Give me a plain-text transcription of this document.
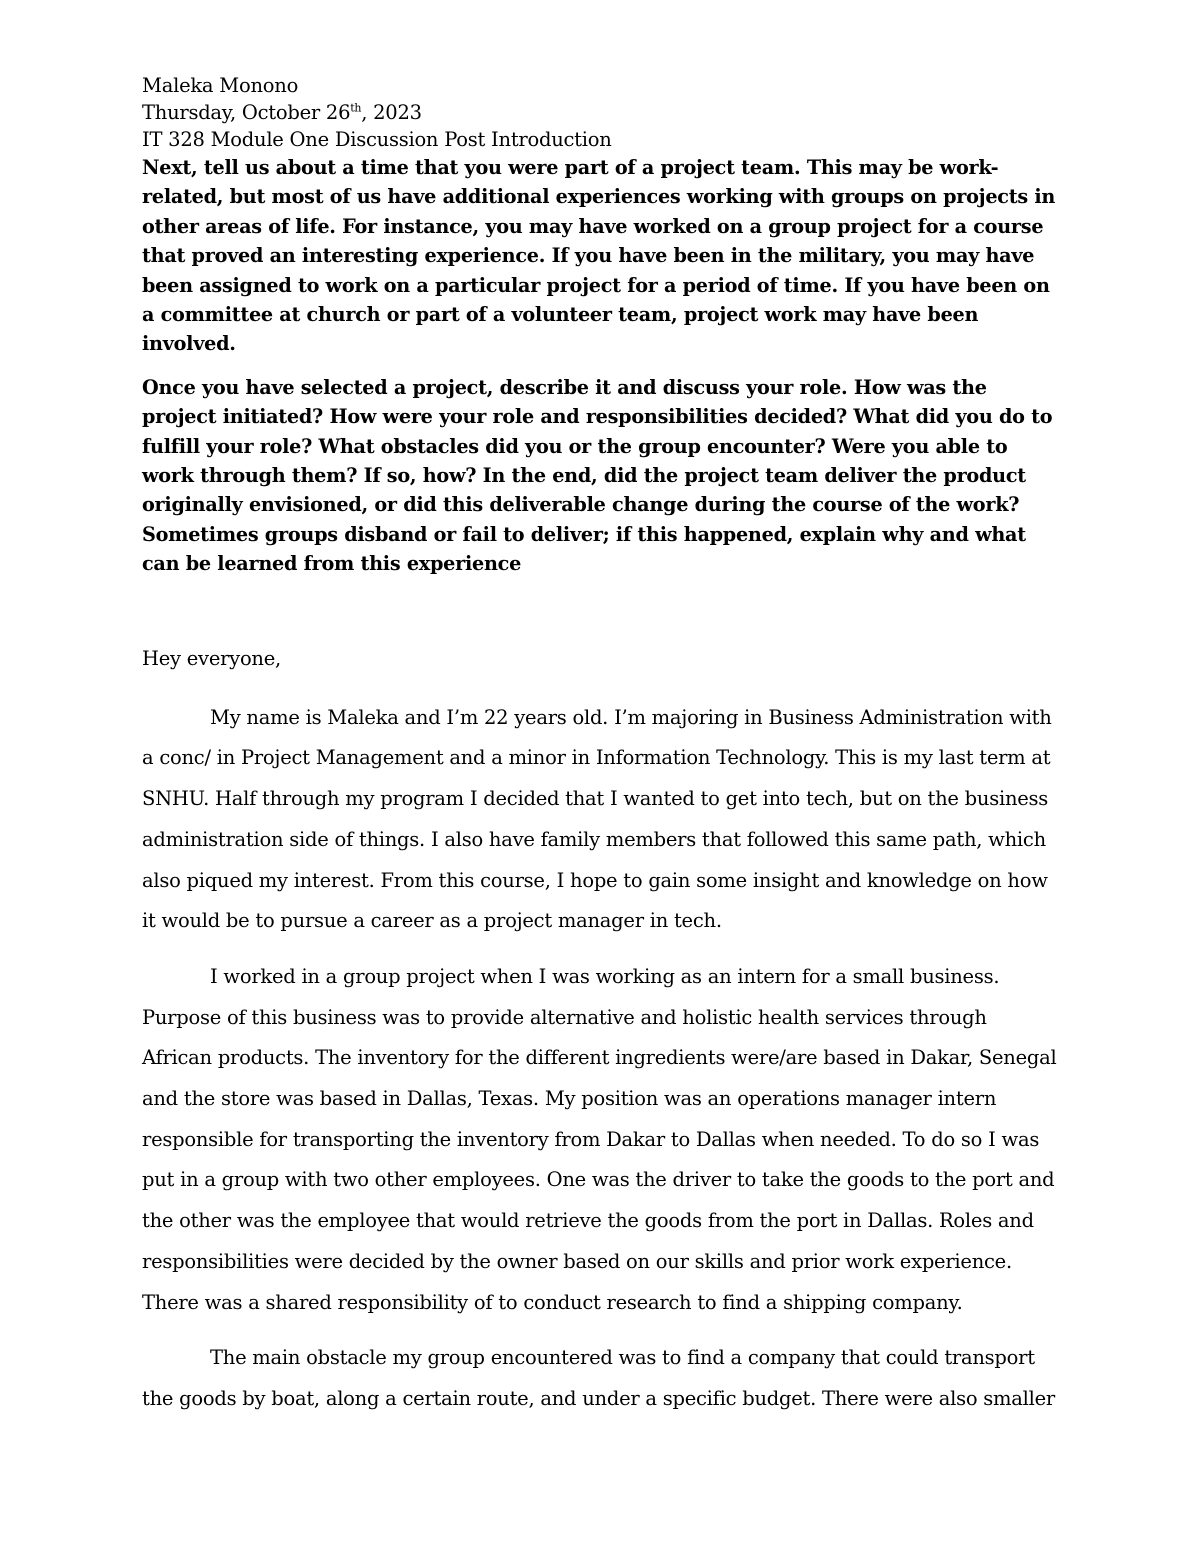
Maleka Monono
Thursday, October 26th, 2023
IT 328 Module One Discussion Post Introduction

Next, tell us about a time that you were part of a project team. This may be work-related, but most of us have additional experiences working with groups on projects in other areas of life. For instance, you may have worked on a group project for a course that proved an interesting experience. If you have been in the military, you may have been assigned to work on a particular project for a period of time. If you have been on a committee at church or part of a volunteer team, project work may have been involved.

Once you have selected a project, describe it and discuss your role. How was the project initiated? How were your role and responsibilities decided? What did you do to fulfill your role? What obstacles did you or the group encounter? Were you able to work through them? If so, how? In the end, did the project team deliver the product originally envisioned, or did this deliverable change during the course of the work? Sometimes groups disband or fail to deliver; if this happened, explain why and what can be learned from this experience

Hey everyone,

My name is Maleka and I’m 22 years old. I’m majoring in Business Administration with a conc/ in Project Management and a minor in Information Technology. This is my last term at SNHU. Half through my program I decided that I wanted to get into tech, but on the business administration side of things. I also have family members that followed this same path, which also piqued my interest. From this course, I hope to gain some insight and knowledge on how it would be to pursue a career as a project manager in tech.

I worked in a group project when I was working as an intern for a small business. Purpose of this business was to provide alternative and holistic health services through African products. The inventory for the different ingredients were/are based in Dakar, Senegal and the store was based in Dallas, Texas. My position was an operations manager intern responsible for transporting the inventory from Dakar to Dallas when needed. To do so I was put in a group with two other employees. One was the driver to take the goods to the port and the other was the employee that would retrieve the goods from the port in Dallas. Roles and responsibilities were decided by the owner based on our skills and prior work experience. There was a shared responsibility of to conduct research to find a shipping company.

The main obstacle my group encountered was to find a company that could transport the goods by boat, along a certain route, and under a specific budget. There were also smaller
